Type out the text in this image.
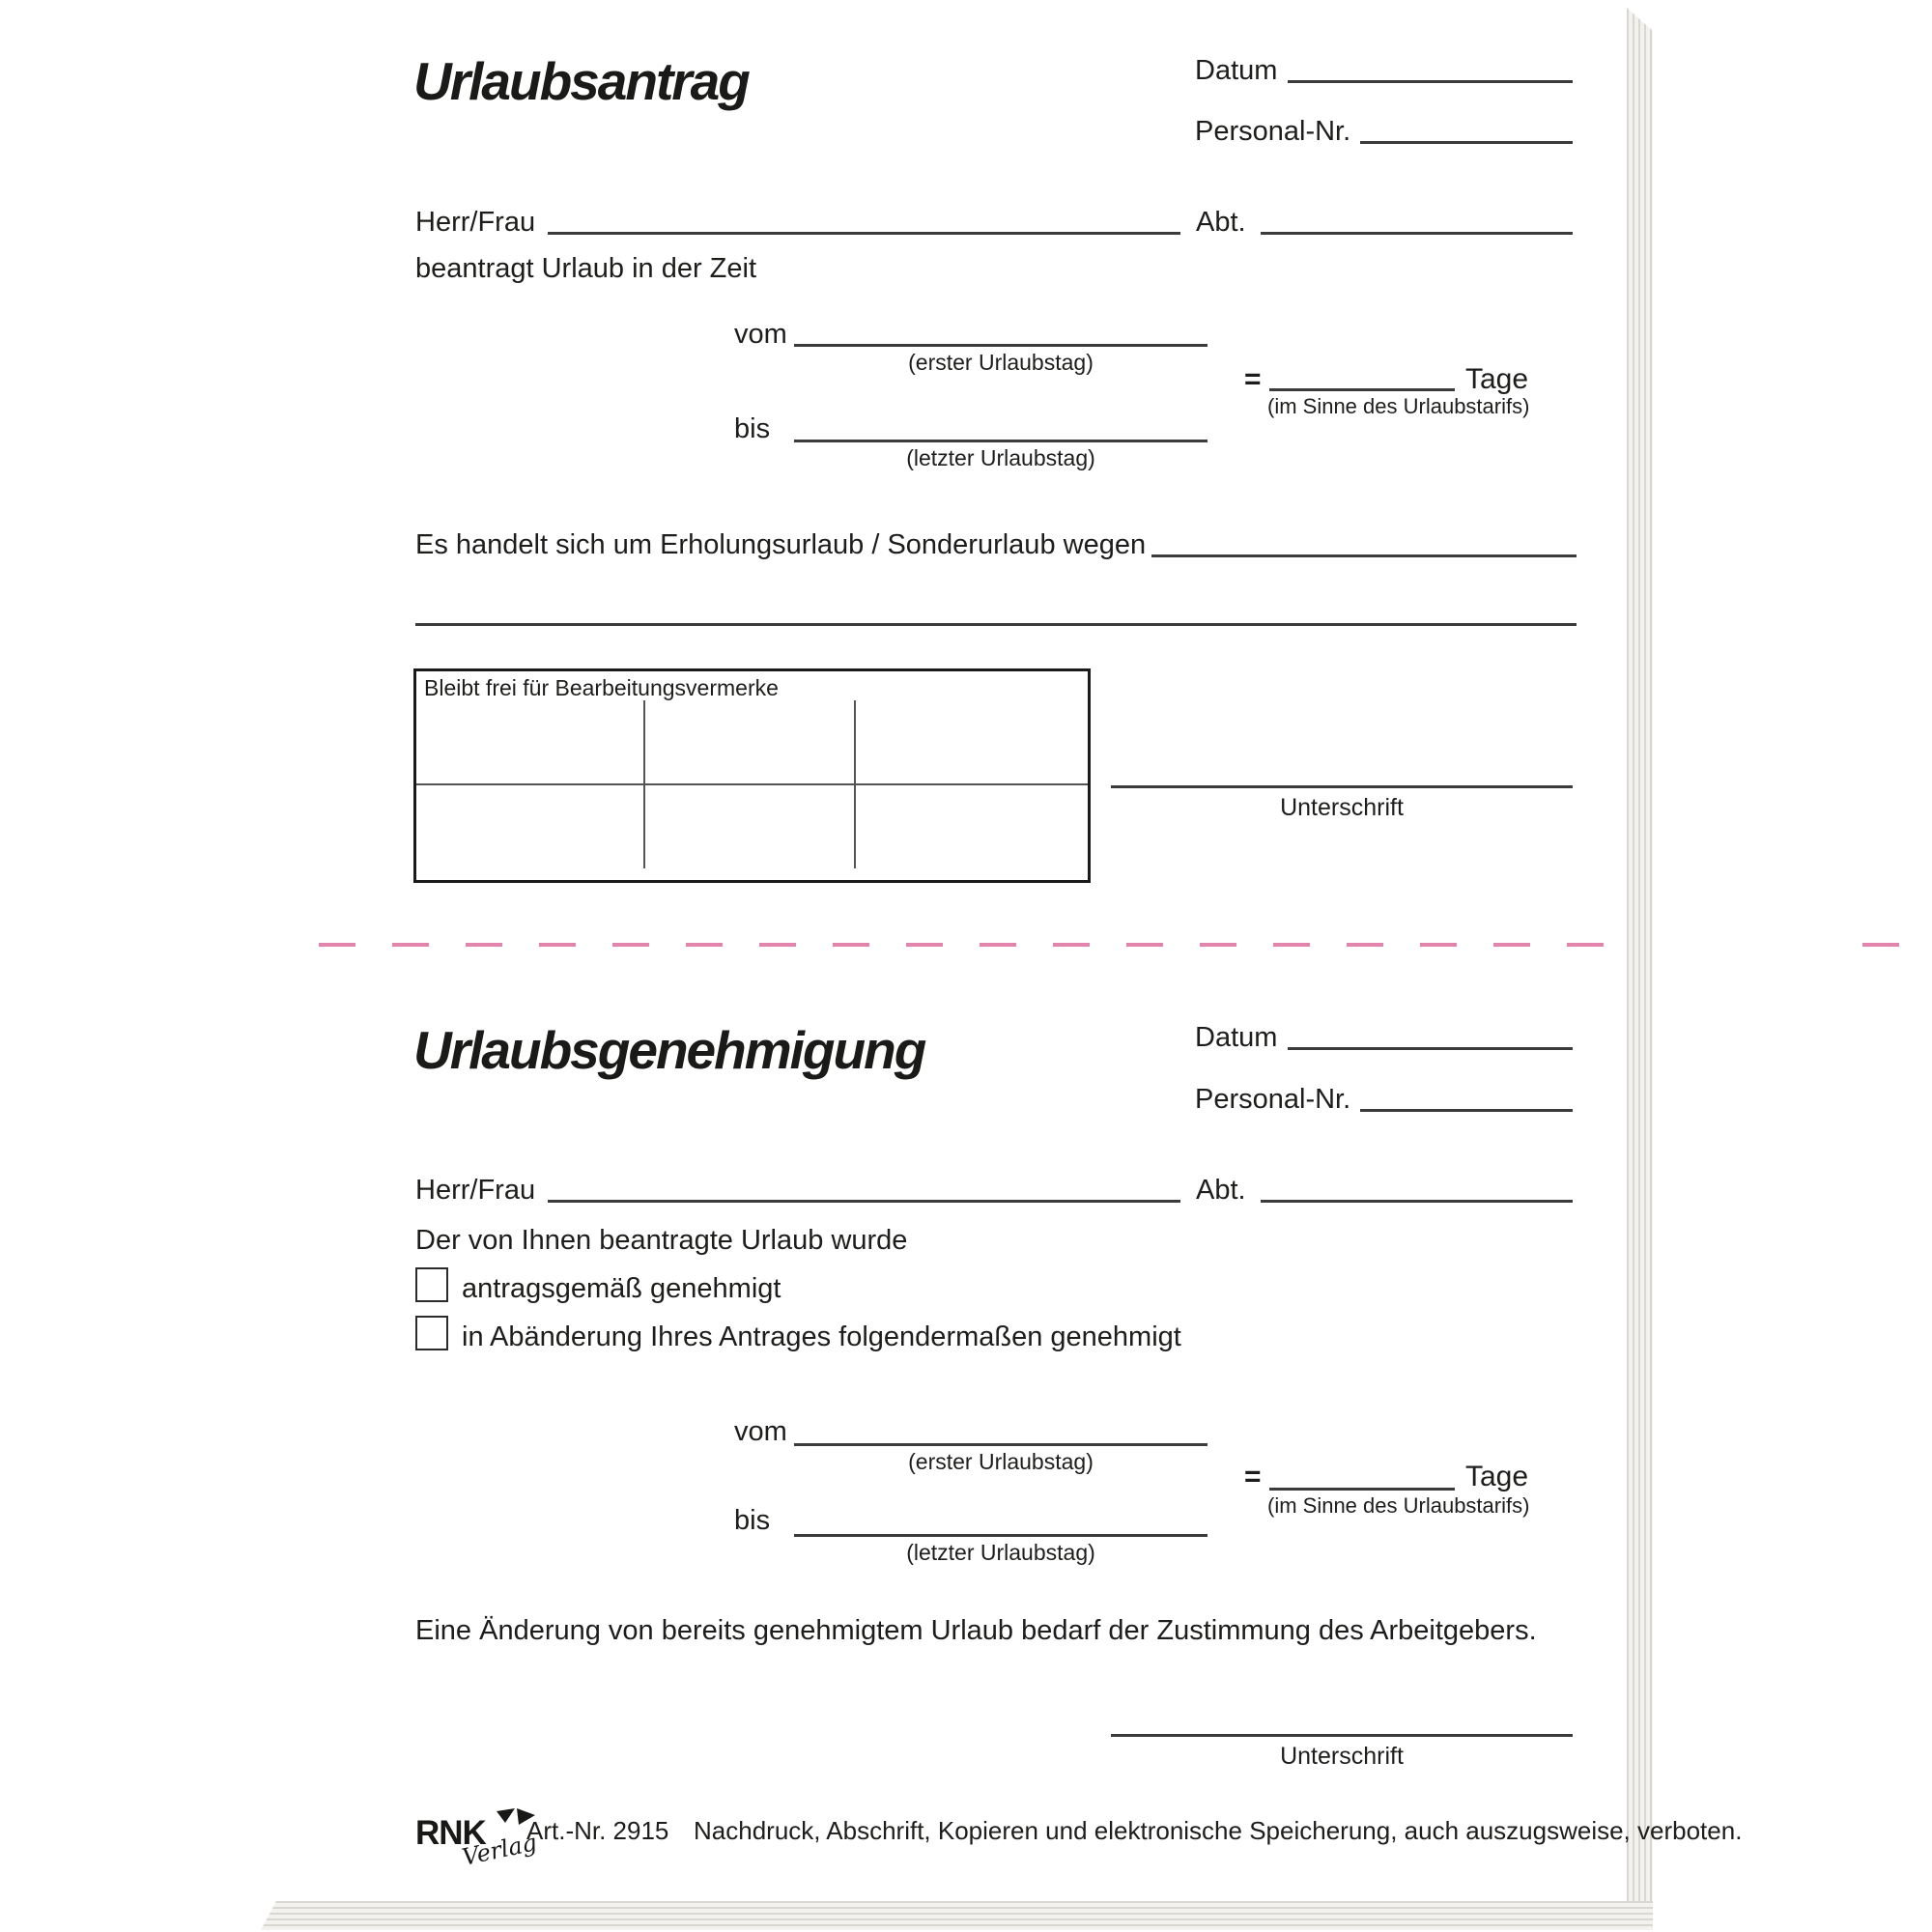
Urlaubsantrag	Datum
Personal-Nr.
Herr/Frau	Abt.
beantragt Urlaub in der Zeit
vom
(erster Urlaubstag)
=	Tage
(im Sinne des Urlaubstarifs)
bis
(letzter Urlaubstag)
Es handelt sich um Erholungsurlaub / Sonderurlaub wegen
Bleibt frei für Bearbeitungsvermerke
Unterschrift
Urlaubsgenehmigung	Datum
Personal-Nr.
Herr/Frau	Abt.
Der von Ihnen beantragte Urlaub wurde
antragsgemäß genehmigt
in Abänderung Ihres Antrages folgendermaßen genehmigt
vom
(erster Urlaubstag)	=	Tage
(im Sinne des Urlaubstarifs)
bis
(letzter Urlaubstag)
Eine Änderung von bereits genehmigtem Urlaub bedarf der Zustimmung des Arbeitgebers.
Unterschrift
RNK
Verlag
Art.-Nr. 2915 Nachdruck, Abschrift, Kopieren und elektronische Speicherung, auch auszugsweise, verboten.
